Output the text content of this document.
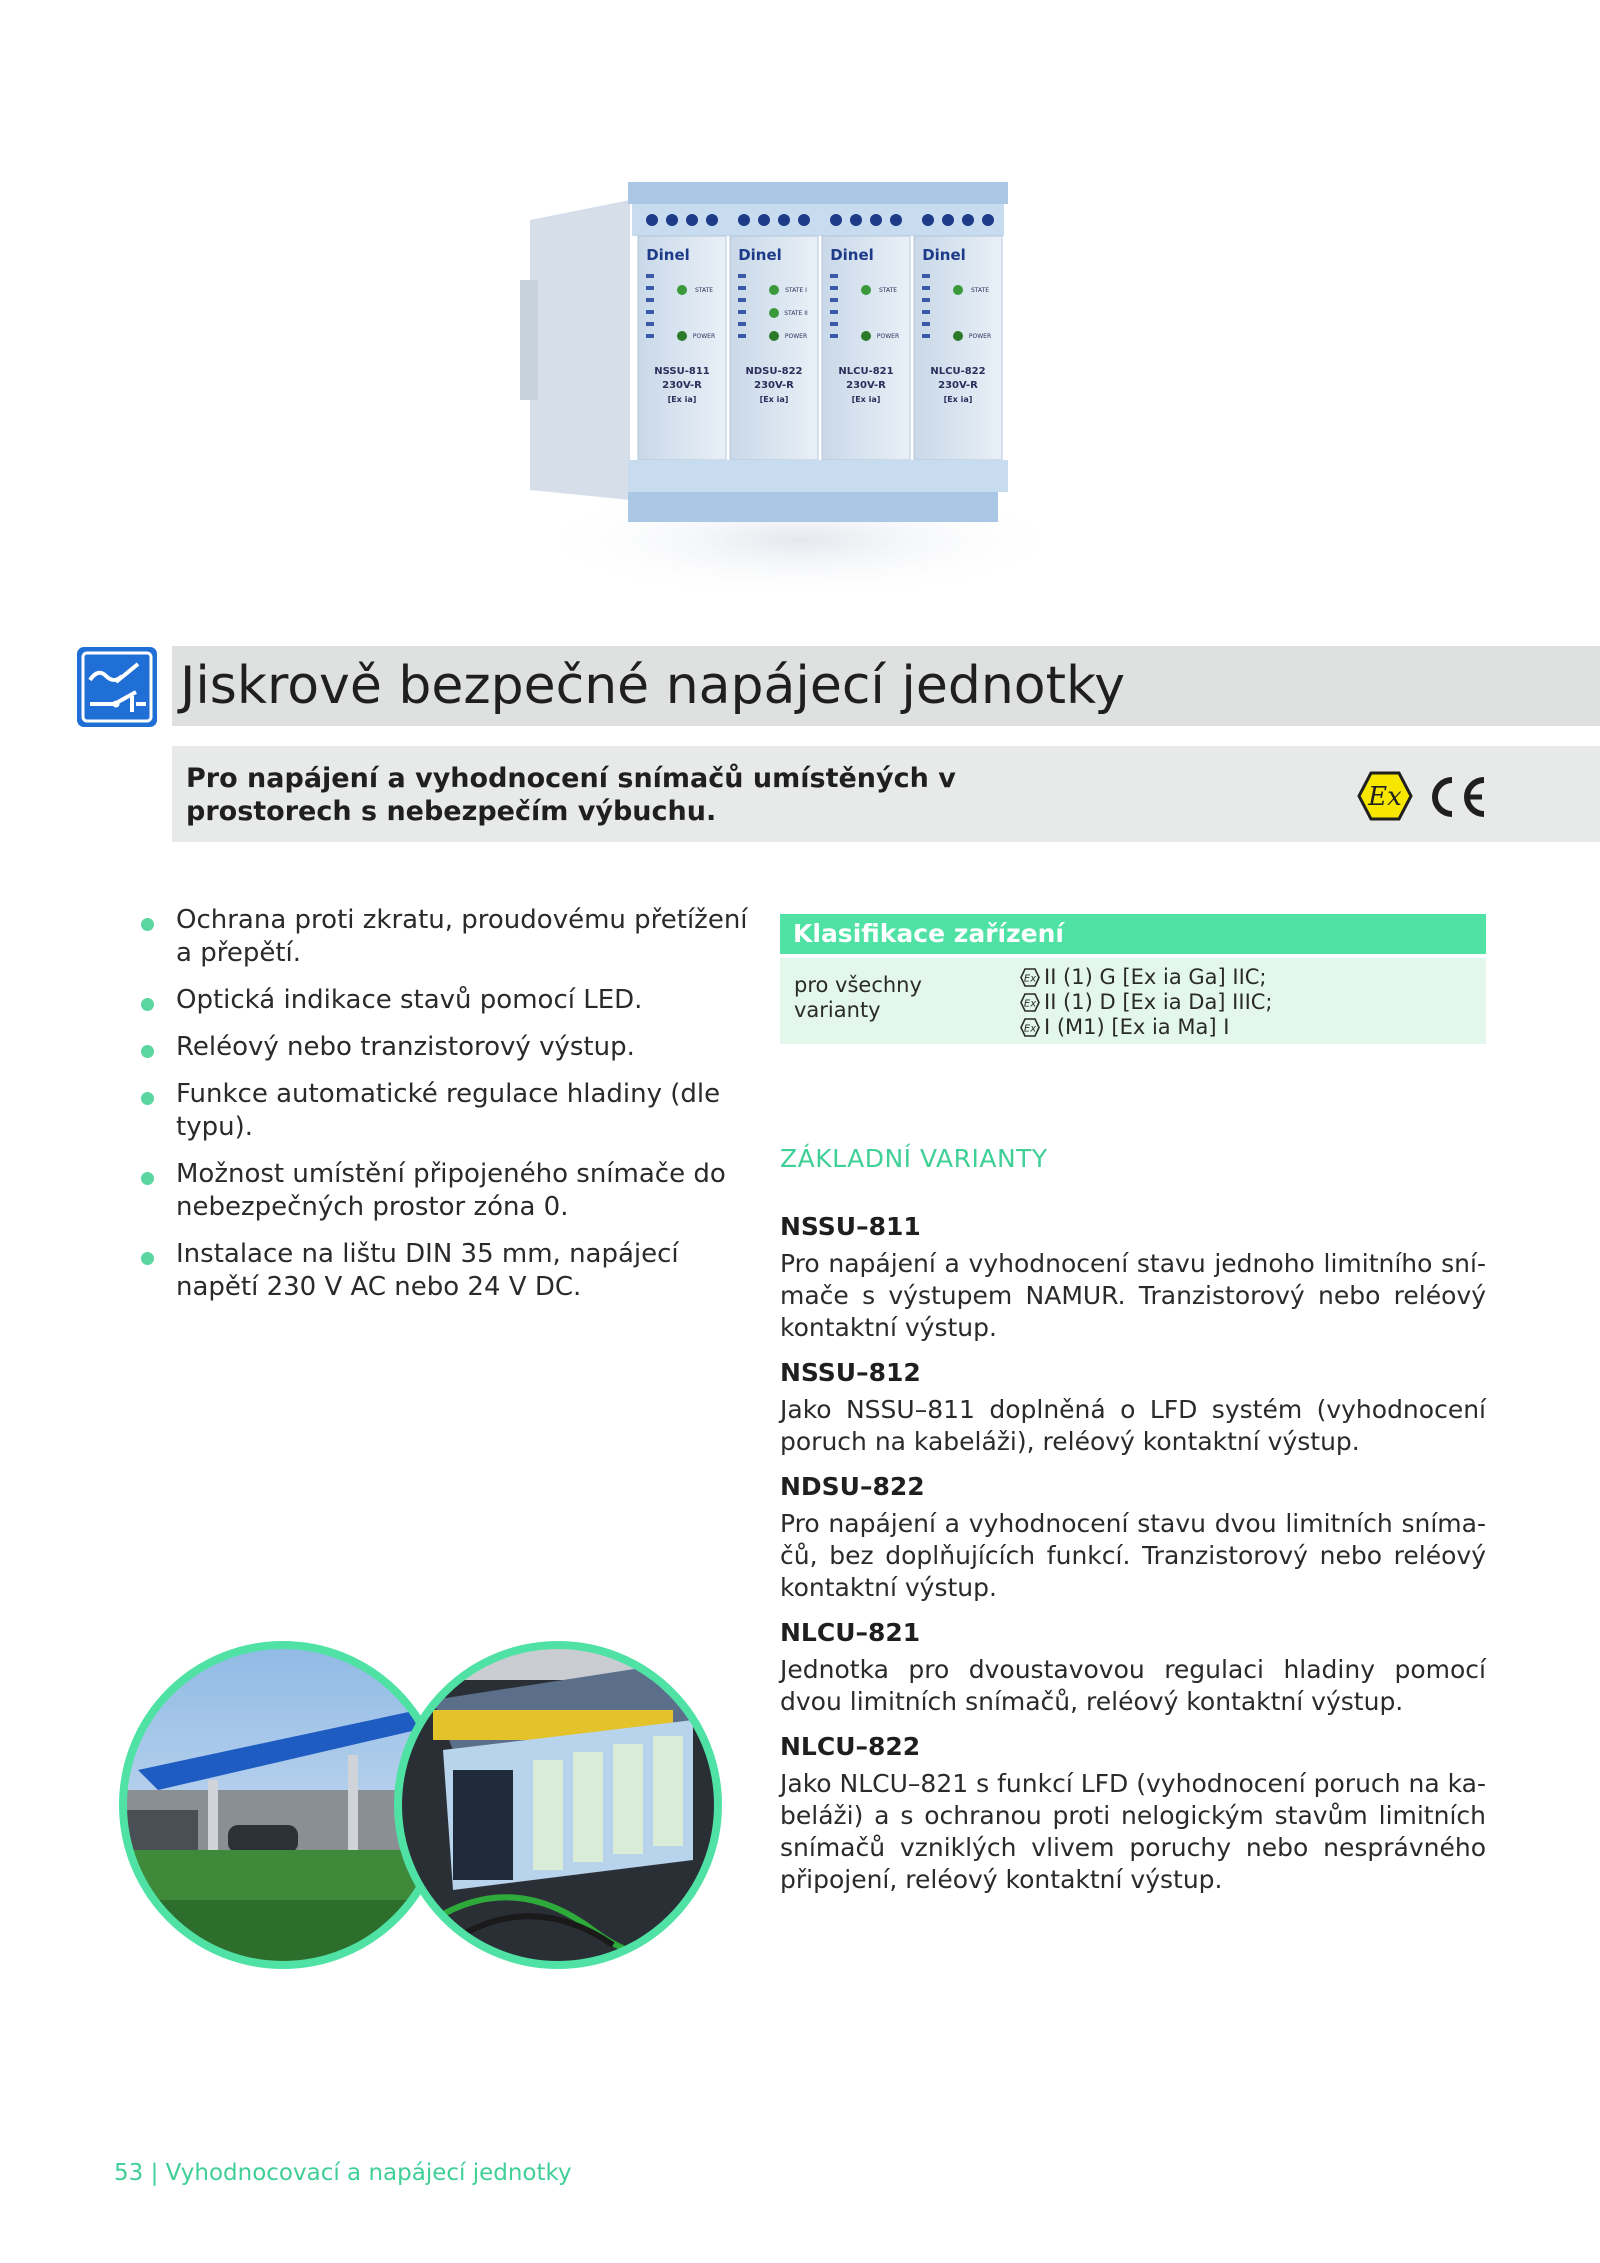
Dinel
STATE
POWER
NSSU-811
230V-R
[Ex ia]
Dinel
STATE I
STATE II
POWER
NDSU-822
230V-R
[Ex ia]
Dinel
STATE
POWER
NLCU-821
230V-R
[Ex ia]
Dinel
STATE
POWER
NLCU-822
230V-R
[Ex ia]
Jiskrově bezpečné napájecí jednotky

Pro napájení a vyhodnocení snímačů umístěných v prostorech s nebezpečím výbuchu.	Ex
Ochrana proti zkratu, proudovému přetížení a přepětí.
Optická indikace stavů pomocí LED.
Reléový nebo tranzistorový výstup.
Funkce automatické regulace hladiny (dle typu).
Možnost umístění připojeného snímače do nebezpečných prostor zóna 0.
Instalace na lištu DIN 35 mm, napájecí napětí 230 V AC nebo 24 V DC.
Klasifikace zařízení
pro všechny varianty
Ex II (1) G [Ex ia Ga] IIC;
Ex II (1) D [Ex ia Da] IIIC;
Ex I (M1) [Ex ia Ma] I
ZÁKLADNÍ VARIANTY

NSSU–811

Pro napájení a vyhodnocení stavu jednoho limitního snímače s výstupem NAMUR. Tranzistorový nebo reléový kontaktní výstup.

NSSU–812

Jako NSSU–811 doplněná o LFD systém (vyhodnocení poruch na kabeláži), reléový kontaktní výstup.

NDSU–822

Pro napájení a vyhodnocení stavu dvou limitních snímačů, bez doplňujících funkcí. Tranzistorový nebo reléový kontaktní výstup.

NLCU–821

Jednotka pro dvoustavovou regulaci hladiny pomocí dvou limitních snímačů, reléový kontaktní výstup.

NLCU–822

Jako NLCU–821 s funkcí LFD (vyhodnocení poruch na kabeláži) a s ochranou proti nelogickým stavům limitních snímačů vzniklých vlivem poruchy nebo nesprávného připojení, reléový kontaktní výstup.

53 | Vyhodnocovací a napájecí jednotky
